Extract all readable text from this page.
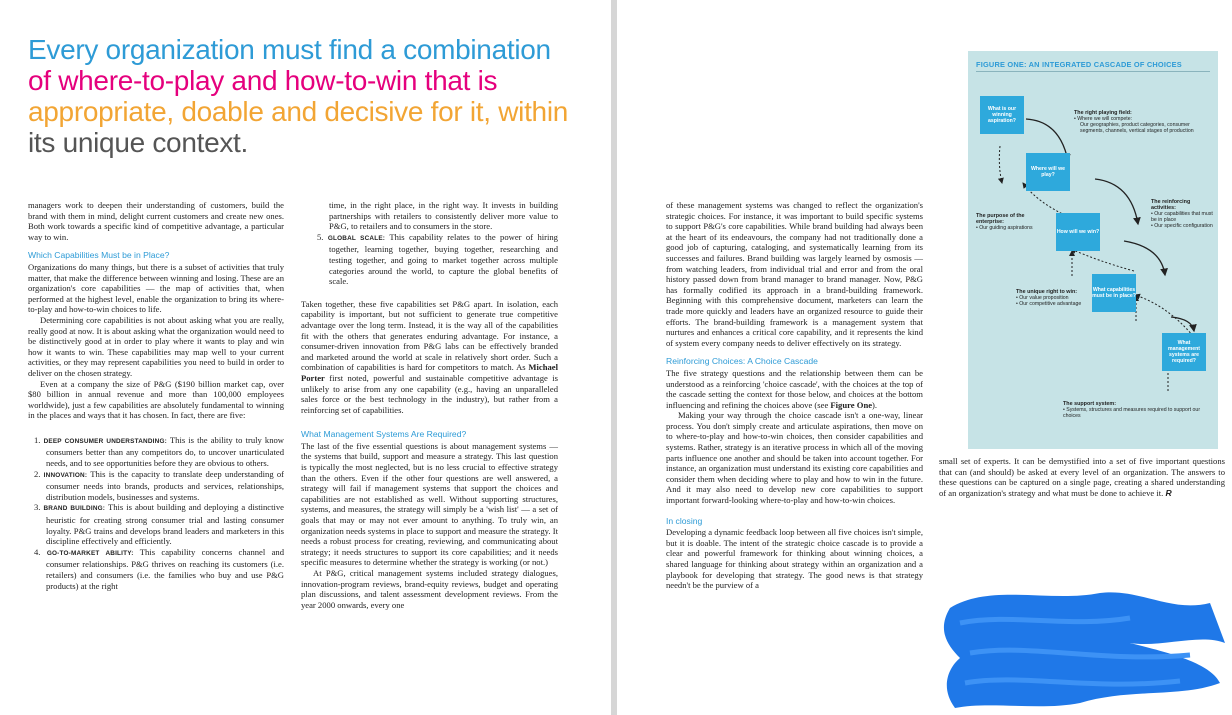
Every organization must find a combination
of where-to-play and how-to-win that is
appropriate, doable and decisive for it, within
its unique context.

managers work to deepen their understanding of customers, build the brand with them in mind, delight current customers and create new ones. Both work towards a specific kind of competitive advantage, a particular way to win.

Which Capabilities Must be in Place?

Organizations do many things, but there is a subset of activities that truly matter, that make the difference between winning and losing. These are an organization's core capabilities — the map of activities that, when performed at the highest level, enable the organization to bring its where-to-play and how-to-win choices to life.

Determining core capabilities is not about asking what you are really, really good at now. It is about asking what the organization would need to be distinctively good at in order to play where it wants to play and win how it wants to win. These capabilities may map well to your current activities, or they may represent capabilities you need to build in order to deliver on the chosen strategy.

Even at a company the size of P&G ($190 billion market cap, over $80 billion in annual revenue and more than 100,000 employees worldwide), just a few capabilities are absolutely fundamental to winning in the places and ways that it has chosen. In fact, there are five:

1. DEEP CONSUMER UNDERSTANDING: This is the ability to truly know consumers better than any competitors do, to uncover unarticulated needs, and to see opportunities before they are obvious to others.
2. INNOVATION: This is the capacity to translate deep understanding of consumer needs into brands, products and services, relationships, distribution models, businesses and systems.
3. BRAND BUILDING: This is about building and deploying a distinctive heuristic for creating strong consumer trial and lasting consumer loyalty. P&G trains and develops brand leaders and marketers in this discipline effectively and efficiently.
4. GO-TO-MARKET ABILITY: This capability concerns channel and consumer relationships. P&G thrives on reaching its customers (i.e. retailers) and consumers (i.e. the families who buy and use P&G products) at the right

time, in the right place, in the right way. It invests in building partnerships with retailers to consistently deliver more value to P&G, to retailers and to consumers in the store.

5. GLOBAL SCALE: This capability relates to the power of hiring together, learning together, buying together, researching and testing together, and going to market together across multiple categories around the world, to capture the global benefits of scale.

Taken together, these five capabilities set P&G apart. In isolation, each capability is important, but not sufficient to generate true competitive advantage over the long term. Instead, it is the way all of the capabilities fit with the others that generates enduring advantage. For instance, a consumer-driven innovation from P&G labs can be effectively branded and marketed around the world at scale in relatively short order. Such a combination of capabilities is hard for competitors to match. As Michael Porter first noted, powerful and sustainable competitive advantage is unlikely to arise from any one capability (e.g., having an unparalleled sales force or the best technology in the industry), but rather from a reinforcing set of capabilities.

What Management Systems Are Required?

The last of the five essential questions is about management systems — the systems that build, support and measure a strategy. This last question is typically the most neglected, but is no less crucial to effective strategy than the others. Even if the other four questions are well answered, a strategy will fail if management systems that support the choices and capabilities are not established as well. Without supporting structures, systems, and measures, the strategy will simply be a 'wish list' — a set of goals that may or may not ever amount to anything. To truly win, an organization needs systems in place to support and measure the strategy. It needs a robust process for creating, reviewing, and communicating about strategy; it needs structures to support its core capabilities; and it needs specific measures to determine whether the strategy is working (or not.)

At P&G, critical management systems included strategy dialogues, innovation-program reviews, brand-equity reviews, budget and operating plan discussions, and talent assessment development reviews. From the year 2000 onwards, every one

of these management systems was changed to reflect the organization's strategic choices. For instance, it was important to build specific systems to support P&G's core capabilities. While brand building had always been at the heart of its endeavours, the company had not traditionally done a good job of capturing, cataloging, and systematically learning from its successes and failures. Brand building was largely learned by osmosis — from watching leaders, from individual trial and error and from the oral history passed down from brand manager to brand manager. Now, P&G has formally codified its approach in a brand-building framework. Beginning with this comprehensive document, marketers can learn the trade more quickly and leaders have an organized resource to guide their efforts. The brand-building framework is a management system that nurtures and enhances a critical core capability, and it represents the kind of system every company needs to deliver effectively on its strategy.

Reinforcing Choices: A Choice Cascade

The five strategy questions and the relationship between them can be understood as a reinforcing 'choice cascade', with the choices at the top of the cascade setting the context for those below, and choices at the bottom influencing and refining the choices above (see Figure One).

Making your way through the choice cascade isn't a one-way, linear process. You don't simply create and articulate aspirations, then move on to where-to-play and how-to-win choices, then consider capabilities and systems. Rather, strategy is an iterative process in which all of the moving parts influence one another and should be taken into account together. For instance, an organization must understand its existing core capabilities and consider them when deciding where to play and how to win in the future. And it may also need to develop new core capabilities to support important forward-looking where-to-play and how-to-win choices.

In closing

Developing a dynamic feedback loop between all five choices isn't simple, but it is doable. The intent of the strategic choice cascade is to provide a clear and powerful framework for thinking about winning choices, a shared language for thinking about strategy within an organization and a playbook for developing that strategy. The good news is that strategy needn't be the purview of a

small set of experts. It can be demystified into a set of five important questions that can (and should) be asked at every level of an organization. The answers to these questions can be captured on a single page, creating a shared understanding of an organization's strategy and what must be done to achieve it. R

FIGURE ONE: AN INTEGRATED CASCADE OF CHOICES
What is our winning aspiration?
Where will we play?
How will we win?
What capabilities must be in place?
What management systems are required?
The right playing field:
• Where we will compete:
Our geographies, product categories, consumer segments, channels, vertical stages of production
The purpose of the enterprise:
• Our guiding aspirations
The reinforcing activities:
• Our capabilities that must be in place
• Our specific configuration
The unique right to win:
• Our value proposition
• Our competitive advantage
The support system:
• Systems, structures and measures required to support our choices
